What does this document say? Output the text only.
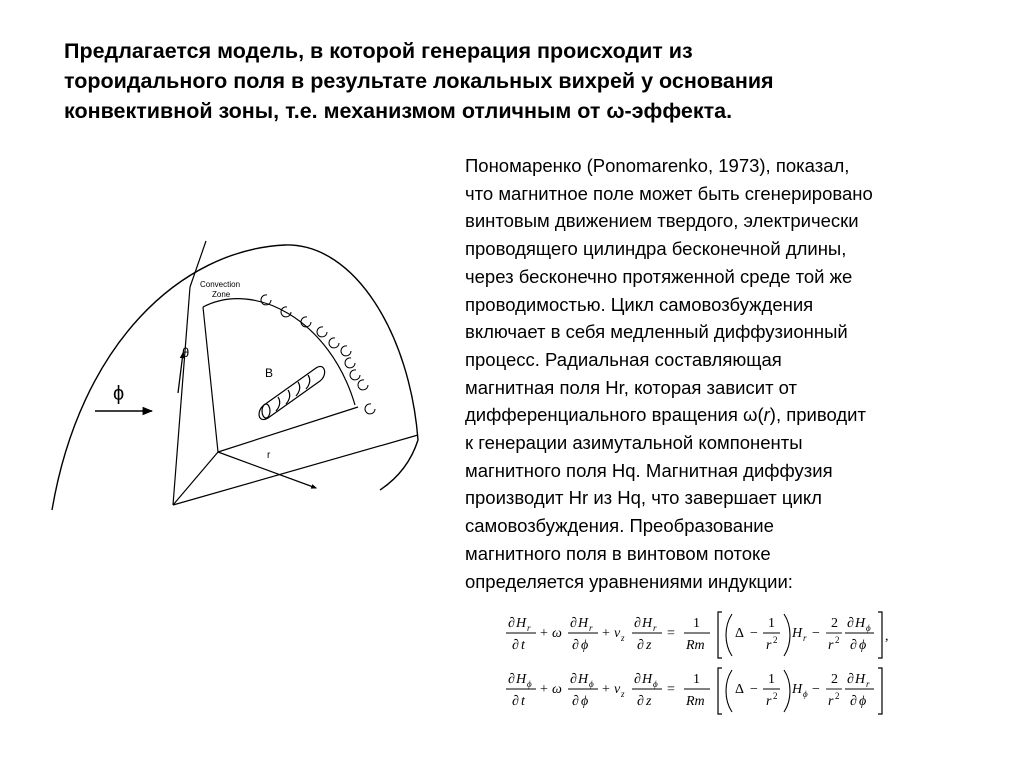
Предлагается модель, в которой генерация происходит из
тороидального поля в результате локальных вихрей у основания
конвективной зоны, т.е. механизмом отличным от ω-эффекта.
Пономаренко (Ponomarenko, 1973), показал,
что магнитное поле может быть сгенерировано
винтовым движением твердого, электрически
проводящего цилиндра бесконечной длины,
через бесконечно протяженной среде той же
проводимостью. Цикл самовозбуждения
включает в себя медленный диффузионный
процесс. Радиальная составляющая
магнитная поля Hr, которая зависит от
дифференциального вращения ω(r), приводит
к генерации азимутальной компоненты
магнитного поля Hq. Магнитная диффузия
производит Hr из Hq, что завершает цикл
самовозбуждения. Преобразование
магнитного поля в винтовом потоке
определяется уравнениями индукции:
Convection
Zone
B
ϕ
θ
r
∂ H r
∂ t
+ ω
∂ H r
∂ ϕ
+ v z
∂ H r
∂ z
=
1
Rm
Δ −
1
r 2 H r −
2
r 2
∂ H ϕ
∂ ϕ
,
∂ H ϕ
∂ t
+ ω
∂ H ϕ
∂ ϕ
+ v z
∂ H ϕ
∂ z
=
1
Rm
Δ −
1
r 2 H ϕ −
2
r 2
∂ H r
∂ ϕ
